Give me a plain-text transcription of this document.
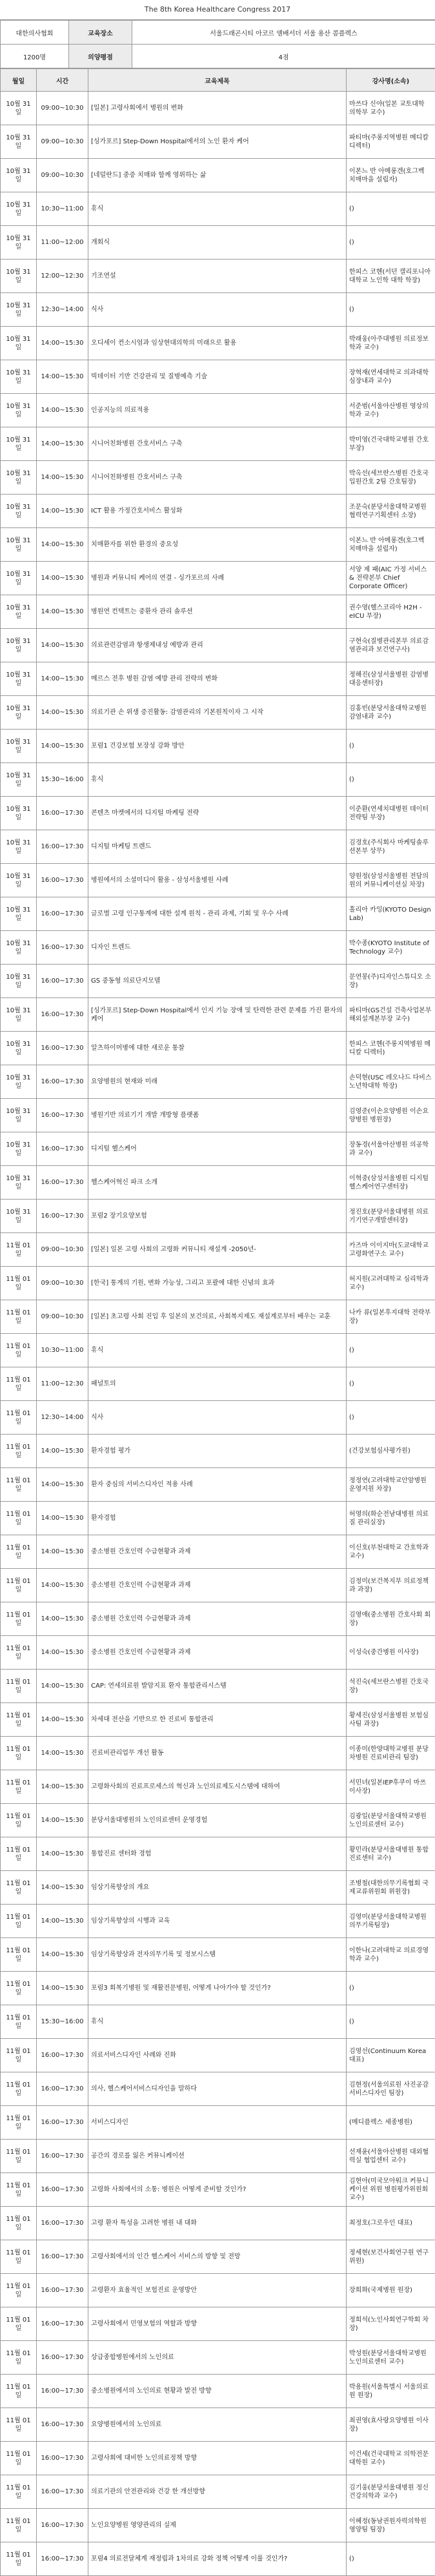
The 8th Korea Healthcare Congress 2017
대한의사협회	교육장소	서울드래곤시티 아코르 앰배서더 서울 용산 콤플렉스
1200명	의양평점	4점
월일	시간	교육제목	강사명(소속)
10월 31일	09:00~10:30	[일본] 고령사회에서 병원의 변화	마쓰다 신야(일본 교토대학 의학부 교수)
10월 31일	09:00~10:30	[싱가포르] Step-Down Hospital에서의 노인 환자 케어	파티마(주롱지역병원 메디칼 디렉터)
10월 31일	09:00~10:30	[네덜란드] 중증 치매와 함께 영위하는 삶	이본느 반 아메롱겐(호그벡 치매마을 설립자)
10월 31일	10:30~11:00	휴식	()
10월 31일	11:00~12:00	개회식	()
10월 31일	12:00~12:30	기조연설	한피스 코헨(서던 캘리포니아 대학교 노인학 대학 학장)
10월 31일	12:30~14:00	식사	()
10월 31일	14:00~15:30	오디세이 컨소시엄과 임상현대의학의 미래으로 활용	박래웅(아주대병원 의료정보학과 교수)
10월 31일	14:00~15:30	빅데이터 기반 건강관리 및 질병예측 기술	장혁재(연세대학교 의과대학 심장내과 교수)
10월 31일	14:00~15:30	인공지능의 의료적용	서준범(서울아산병원 영상의학과 교수)
10월 31일	14:00~15:30	시니어친화병원 간호서비스 구축	박미영(건국대학교병원 간호부장)
10월 31일	14:00~15:30	시니어친화병원 간호서비스 구축	박옥선(세브란스병원 간호국 입원간호 2팀 간호팀장)
10월 31일	14:00~15:30	ICT 활용 가정간호서비스 활성화	조문숙(분당서울대학교병원 협력연구기획센터 소장)
10월 31일	14:00~15:30	치매환자를 위한 환경의 중요성	이본느 반 아메롱겐(호그벡 치매마을 설립자)
10월 31일	14:00~15:30	병원과 커뮤니티 케어의 연결 - 싱가포르의 사례	서양 제 패(AIC 가정 서비스 & 전략본부 Chief Corporate Officer)
10월 31일	14:00~15:30	병원연 컨택트는 중환자 관리 솔루션	권수영(헬스코리아 H2H - eICU 부장)
10월 31일	14:00~15:30	의료관련감염과 항생제내성 예방과 관리	구현숙(질병관리본부 의료감염관리과 보건연구사)
10월 31일	14:00~15:30	메르스 전후 병원 감염 예방 관리 전략의 변화	정해진(삼성서울병원 감염병 대응센터장)
10월 31일	14:00~15:30	의료기관 손 위생 증진활동: 감염관리의 기본원칙이자 그 시작	김홍빈(분당서울대학교병원 감염내과 교수)
10월 31일	14:00~15:30	포럼1 건강보험 보장성 강화 방안	()
10월 31일	15:30~16:00	휴식	()
10월 31일	16:00~17:30	콘텐츠 마켓에서의 디지털 마케팅 전략	이준환(연세치대병원 데이터전략팀 부장)
10월 31일	16:00~17:30	디지털 마케팅 트렌드	김경호(주식회사 마케팅솔루션본부 상무)
10월 31일	16:00~17:30	병원에서의 소셜미디어 활용 - 삼성서울병원 사례	양원정(삼성서울병원 전담의원의 커뮤니케이션실 차장)
10월 31일	16:00~17:30	글로벌 고령 인구통계에 대한 설계 원칙 - 관리 과제, 기회 및 우수 사례	홀리아 카잉(KYOTO Design Lab)
10월 31일	16:00~17:30	디자인 트렌드	박수종(KYOTO Institute of Technology 교수)
10월 31일	16:00~17:30	GS 중동형 의료단지모델	문연봉(주)디자인스튜디오 소장)
10월 31일	16:00~17:30	[싱가포르] Step-Down Hospital에서 인지 기능 장애 및 탄력한 관련 문제를 가진 환자의 케어	파티마(GS건설 건축사업본부 해외설계본부장 교수)
10월 31일	16:00~17:30	알츠하이머병에 대한 새로운 통찰	한피스 코헨(주롱지역병원 메디칼 디렉터)
10월 31일	16:00~17:30	요양병원의 현재와 미래	손덕현(USC 레오나드 다비스 노년학대학 학장)
10월 31일	16:00~17:30	병원기반 의료기기 개발 개방형 플랫폼	김영준(이손요양병원 이손요양병원 병원장)
10월 31일	16:00~17:30	디지털 헬스케어	장동경(서울아산병원 의공학과 교수)
10월 31일	16:00~17:30	헬스케어혁신 파크 소개	이혁중(삼성서울병원 디지털헬스케어연구센터장)
10월 31일	16:00~17:30	포럼2 장기요양보험	정진호(분당서울대병원 의료기기연구개발센터장)
11월 01일	09:00~10:30	[일본] 일본 고령 사회의 고령화 커뮤니티 재설계 -2050년-	카즈마 이이지마(도쿄대학교 고령화연구소 교수)
11월 01일	09:00~10:30	[한국] 통계의 기원, 변화 가능성, 그리고 포괄에 대한 신념의 효과	허지원(고려대학교 심리학과 교수)
11월 01일	09:00~10:30	[일본] 초고령 사회 진입 후 일본의 보건의료, 사회복지제도 재설계로부터 배우는 교훈	나카 류(일본후지대학 전략부장)
11월 01일	10:30~11:00	휴식	()
11월 01일	11:00~12:30	패널토의	()
11월 01일	12:30~14:00	식사	()
11월 01일	14:00~15:30	환자경험 평가	(건강보험심사평가원)
11월 01일	14:00~15:30	환자 중심의 서비스디자인 적용 사례	정정연(고려대학교안암병원 운영지원 차장)
11월 01일	14:00~15:30	환자경험	허영의(화순전남대병원 의료질 관리실장)
11월 01일	14:00~15:30	중소병원 간호인력 수급현황과 과제	이신호(부천대학교 간호학과 교수)
11월 01일	14:00~15:30	중소병원 간호인력 수급현황과 과제	김정미(보건복지부 의료정책과 과장)
11월 01일	14:00~15:30	중소병원 간호인력 수급현황과 과제	김영애(중소병원 간호사회 회장)
11월 01일	14:00~15:30	중소병원 간호인력 수급현황과 과제	이성숙(중간병원 이사장)
11월 01일	14:00~15:30	CAP: 연세의료원 발암지표 환자 통합관리시스템	석진숙(세브란스병원 간호국장)
11월 01일	14:00~15:30	차세대 전산을 기반으로 한 진료비 통합관리	황세진(삼성서울병원 보험심사팀 과장)
11월 01일	14:00~15:30	진료비관리업무 개선 활동	이종미(한양대학교병원 분당차병원 진료비관리 팀장)
11월 01일	14:00~15:30	고령화사회의 진료프로세스의 혁신과 노인의료제도시스템에 대하여	서민녀(일본IEP후쿠이 마쓰 이사장)
11월 01일	14:00~15:30	분당서울대병원의 노인의료센터 운영경험	김광일(분당서울대학교병원 노인의료센터 교수)
11월 01일	14:00~15:30	통합진료 센터화 경험	황민라(분당서울대병원 통합진료센터 교수)
11월 01일	14:00~15:30	임상기록향상의 개요	조병철(대한의무기록협회 국제교류위원회 위원장)
11월 01일	14:00~15:30	임상기록향상의 시행과 교육	김영미(분당서울대학교병원 의무기록팀장)
11월 01일	14:00~15:30	임상기록향상과 전자의무기록 및 정보시스템	이한나(고려대학교 의료경영학과 교수)
11월 01일	14:00~15:30	포럼3 회복기병원 및 재활전문병원, 어떻게 나아가야 할 것인가?	()
11월 01일	15:30~16:00	휴식	()
11월 01일	16:00~17:30	의료서비스디자인 사례와 진화	김영선(Continuum Korea 대표)
11월 01일	16:00~17:30	의사, 헬스케어서비스디자인을 말하다	김현정(서울의료원 사진공감 서비스디자인 팀장)
11월 01일	16:00~17:30	서비스디자인	(메디플렉스 세종병원)
11월 01일	16:00~17:30	공간의 경로를 잃은 커뮤니케이션	선재윤(서울아산병원 대외협력실 협업센터 교수)
11월 01일	16:00~17:30	고령화 사회에서의 소통: 병원은 어떻게 준비할 것인가?	김현아(미국모아워크 커뮤니케이션 위원 병원평가위원회 교수)
11월 01일	16:00~17:30	고령 환자 특성을 고려한 병원 내 대화	최정호(그로우인 대표)
11월 01일	16:00~17:30	고령사회에서의 인간 헬스케어 서비스의 방향 및 전망	정세현(보건사회연구원 연구위원)
11월 01일	16:00~17:30	고령환자 효율적인 보험진료 운영방안	장희화(국제병원 원장)
11월 01일	16:00~17:30	고령사회에서 민영보험의 역할과 방향	정희석(노인사회연구학회 차장)
11월 01일	16:00~17:30	상급종합병원에서의 노인의료	박성원(분당서울대학교병원 노인의료센터 교수)
11월 01일	16:00~17:30	중소병원에서의 노인의료 현황과 발전 방향	박용원(서울특별시 서울의료원 원장)
11월 01일	16:00~17:30	요양병원에서의 노인의료	최권영(효사랑요양병원 이사장)
11월 01일	16:00~17:30	고령사회에 대비한 노인의료정책 방향	이건세(건국대학교 의학전문대학원 교수)
11월 01일	16:00~17:30	의료기관의 안전관리와 건강 한 개선방향	김기웅(분당서울대병원 정신건강의학과 교수)
11월 01일	16:00~17:30	노인요양병원 영양관리의 실제	이혜정(동남권원자력의학원 영양팀 팀장)
11월 01일	16:00~17:30	포럼4 의료전달체계 재정립과 1차의료 강화 정책 어떻게 이룰 것인가?	()
